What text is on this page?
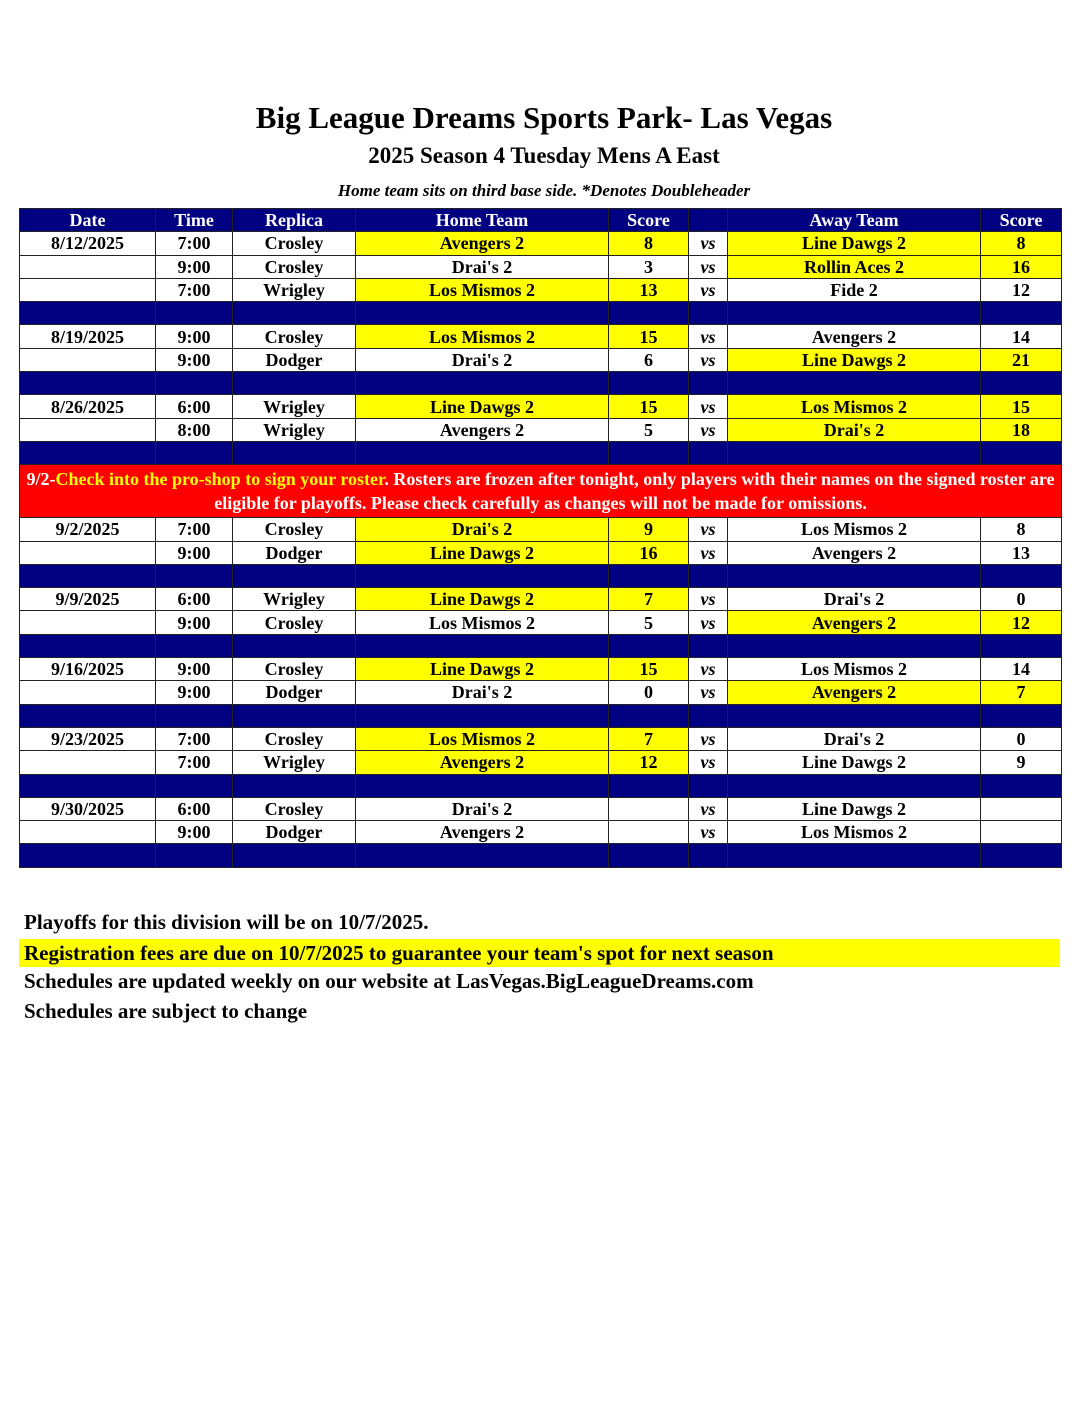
Big League Dreams Sports Park- Las Vegas
2025 Season 4 Tuesday Mens A East
Home team sits on third base side. *Denotes Doubleheader
Date	Time	Replica	Home Team	Score		Away Team	Score
8/12/2025	7:00	Crosley	Avengers 2	8	vs	Line Dawgs 2	8
	9:00	Crosley	Drai's 2	3	vs	Rollin Aces 2	16
	7:00	Wrigley	Los Mismos 2	13	vs	Fide 2	12

8/19/2025	9:00	Crosley	Los Mismos 2	15	vs	Avengers 2	14
	9:00	Dodger	Drai's 2	6	vs	Line Dawgs 2	21

8/26/2025	6:00	Wrigley	Line Dawgs 2	15	vs	Los Mismos 2	15
	8:00	Wrigley	Avengers 2	5	vs	Drai's 2	18

9/2-Check into the pro-shop to sign your roster. Rosters are frozen after tonight, only players with their names on the signed roster are eligible for playoffs. Please check carefully as changes will not be made for omissions.							
9/2/2025	7:00	Crosley	Drai's 2	9	vs	Los Mismos 2	8
	9:00	Dodger	Line Dawgs 2	16	vs	Avengers 2	13

9/9/2025	6:00	Wrigley	Line Dawgs 2	7	vs	Drai's 2	0
	9:00	Crosley	Los Mismos 2	5	vs	Avengers 2	12

9/16/2025	9:00	Crosley	Line Dawgs 2	15	vs	Los Mismos 2	14
	9:00	Dodger	Drai's 2	0	vs	Avengers 2	7

9/23/2025	7:00	Crosley	Los Mismos 2	7	vs	Drai's 2	0
	7:00	Wrigley	Avengers 2	12	vs	Line Dawgs 2	9

9/30/2025	6:00	Crosley	Drai's 2		vs	Line Dawgs 2	
	9:00	Dodger	Avengers 2		vs	Los Mismos 2	

Playoffs for this division will be on 10/7/2025.
Registration fees are due on 10/7/2025 to guarantee your team's spot for next season
Schedules are updated weekly on our website at LasVegas.BigLeagueDreams.com
Schedules are subject to change
